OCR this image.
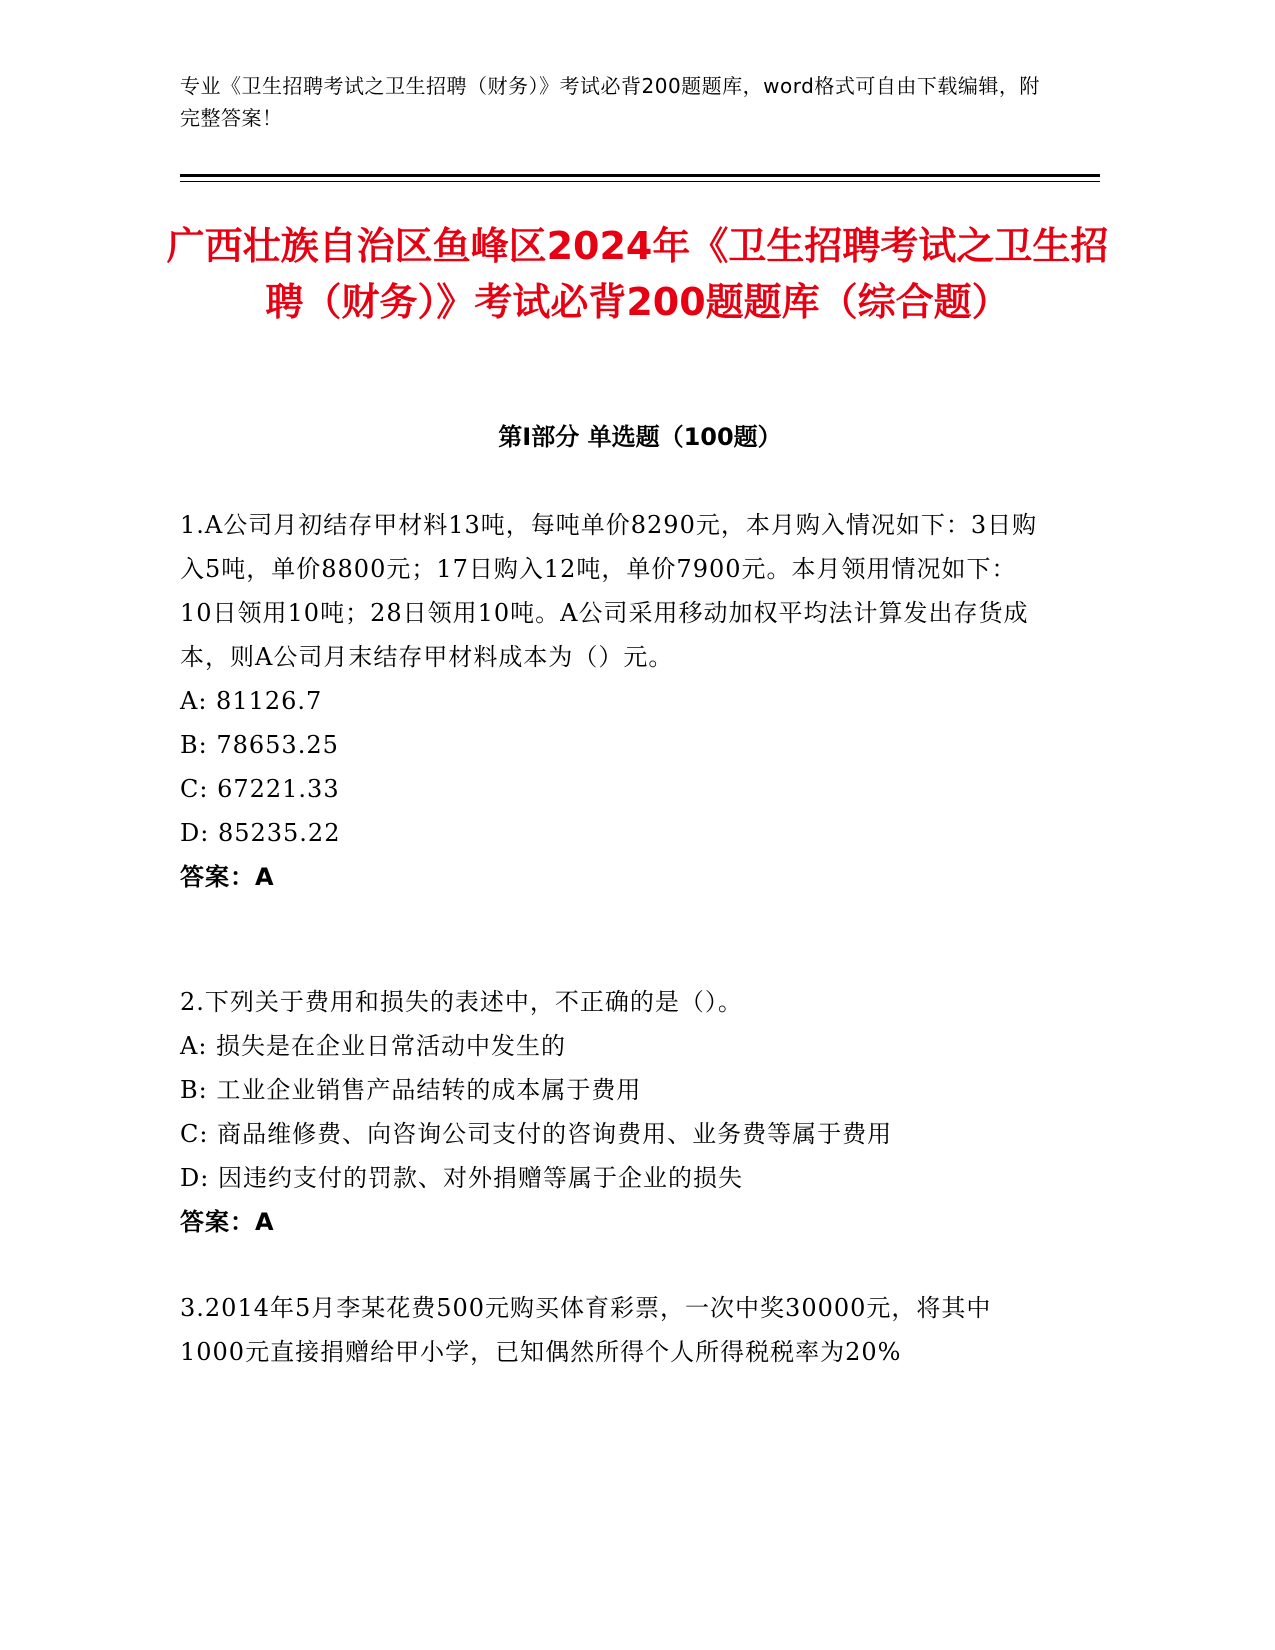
专业《卫生招聘考试之卫生招聘（财务）》考试必背200题题库，word格式可自由下载编辑，附完整答案！
广西壮族自治区鱼峰区2024年《卫生招聘考试之卫生招聘（财务）》考试必背200题题库（综合题）
第I部分 单选题（100题）

1.A公司月初结存甲材料13吨，每吨单价8290元，本月购入情况如下：3日购入5吨，单价8800元；17日购入12吨，单价7900元。本月领用情况如下：10日领用10吨；28日领用10吨。A公司采用移动加权平均法计算发出存货成本，则A公司月末结存甲材料成本为（）元。

A: 81126.7

B: 78653.25

C: 67221.33

D: 85235.22

答案：A

2.下列关于费用和损失的表述中，不正确的是（）。

A: 损失是在企业日常活动中发生的

B: 工业企业销售产品结转的成本属于费用

C: 商品维修费、向咨询公司支付的咨询费用、业务费等属于费用

D: 因违约支付的罚款、对外捐赠等属于企业的损失

答案：A

3.2014年5月李某花费500元购买体育彩票，一次中奖30000元，将其中1000元直接捐赠给甲小学，已知偶然所得个人所得税税率为20%
